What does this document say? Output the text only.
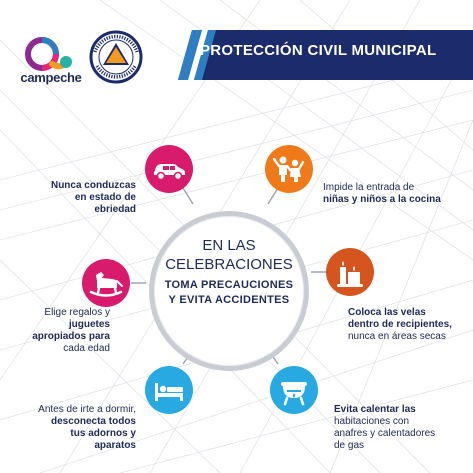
PROTECCIÓN CIVIL MUNICIPAL
campeche
EN LAS
CELEBRACIONES
TOMA PRECAUCIONES
Y EVITA ACCIDENTES
Nunca conduzcas
en estado de
ebriedad
Impide la entrada de
niñas y niños a la cocina
Coloca las velas
dentro de recipientes,
nunca en áreas secas
Elige regalos y
juguetes
apropiados para
cada edad
Antes de irte a dormir,
desconecta todos
tus adornos y
aparatos
Evita calentar las
habitaciones con
anafres y calentadores
de gas
